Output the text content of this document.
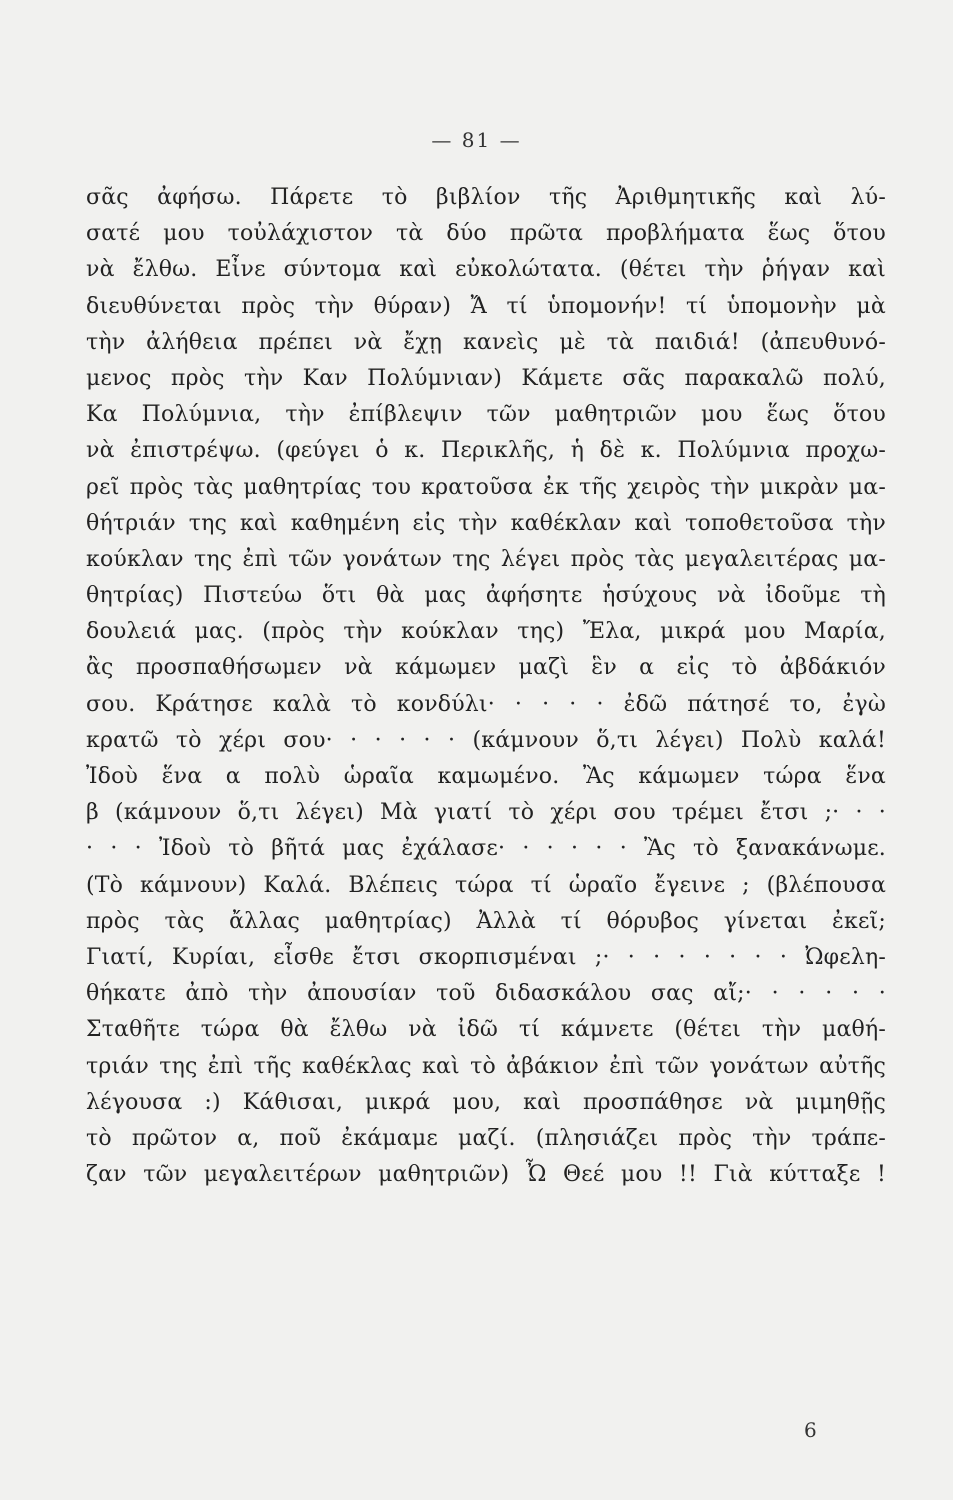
— 81 —
σᾶς ἀφήσω. Πάρετε τὸ βιβλίον τῆς Ἀριθμητικῆς καὶ λύ-
σατέ μου τοὐλάχιστον τὰ δύο πρῶτα προβλήματα ἕως ὅτου
νὰ ἔλθω. Εἶνε σύντομα καὶ εὐκολώτατα. (θέτει τὴν ῥήγαν καὶ
διευθύνεται πρὸς τὴν θύραν) Ἄ τί ὑπομονήν! τί ὑπομονὴν μὰ
τὴν ἀλήθεια πρέπει νὰ ἔχῃ κανεὶς μὲ τὰ παιδιά! (ἀπευθυνό-
μενος πρὸς τὴν Καν Πολύμνιαν) Κάμετε σᾶς παρακαλῶ πολύ,
Κα Πολύμνια, τὴν ἐπίβλεψιν τῶν μαθητριῶν μου ἕως ὅτου
νὰ ἐπιστρέψω. (φεύγει ὁ κ. Περικλῆς, ἡ δὲ κ. Πολύμνια προχω-
ρεῖ πρὸς τὰς μαθητρίας του κρατοῦσα ἐκ τῆς χειρὸς τὴν μικρὰν μα-
θήτριάν της καὶ καθημένη εἰς τὴν καθέκλαν καὶ τοποθετοῦσα τὴν
κούκλαν της ἐπὶ τῶν γονάτων της λέγει πρὸς τὰς μεγαλειτέρας μα-
θητρίας) Πιστεύω ὅτι θὰ μας ἀφήσητε ἡσύχους νὰ ἰδοῦμε τὴ
δουλειά μας. (πρὸς τὴν κούκλαν της) Ἔλα, μικρά μου Μαρία,
ἂς προσπαθήσωμεν νὰ κάμωμεν μαζὶ ἓν α εἰς τὸ ἀβδάκιόν
σου. Κράτησε καλὰ τὸ κονδύλι· · · · · ἐδῶ πάτησέ το, ἐγὼ
κρατῶ τὸ χέρι σου· · · · · · (κάμνουν ὅ,τι λέγει) Πολὺ καλά!
Ἰδοὺ ἕνα α πολὺ ὡραῖα καμωμένο. Ἂς κάμωμεν τώρα ἕνα
β (κάμνουν ὅ,τι λέγει) Μὰ γιατί τὸ χέρι σου τρέμει ἔτσι ;· · ·
· · · Ἰδοὺ τὸ βῆτά μας ἐχάλασε· · · · · · Ἂς τὸ ξανακάνωμε.
(Τὸ κάμνουν) Καλά. Βλέπεις τώρα τί ὡραῖο ἔγεινε ; (βλέπουσα
πρὸς τὰς ἄλλας μαθητρίας) Ἀλλὰ τί θόρυβος γίνεται ἐκεῖ;
Γιατί, Κυρίαι, εἶσθε ἔτσι σκορπισμέναι ;· · · · · · · · Ὠφελη-
θήκατε ἀπὸ τὴν ἀπουσίαν τοῦ διδασκάλου σας αἴ;· · · · · ·
Σταθῆτε τώρα θὰ ἔλθω νὰ ἰδῶ τί κάμνετε (θέτει τὴν μαθή-
τριάν της ἐπὶ τῆς καθέκλας καὶ τὸ ἀβάκιον ἐπὶ τῶν γονάτων αὐτῆς
λέγουσα :) Κάθισαι, μικρά μου, καὶ προσπάθησε νὰ μιμηθῇς
τὸ πρῶτον α, ποῦ ἐκάμαμε μαζί. (πλησιάζει πρὸς τὴν τράπε-
ζαν τῶν μεγαλειτέρων μαθητριῶν) Ὦ Θεέ μου !! Γιὰ κύτταξε !
6
